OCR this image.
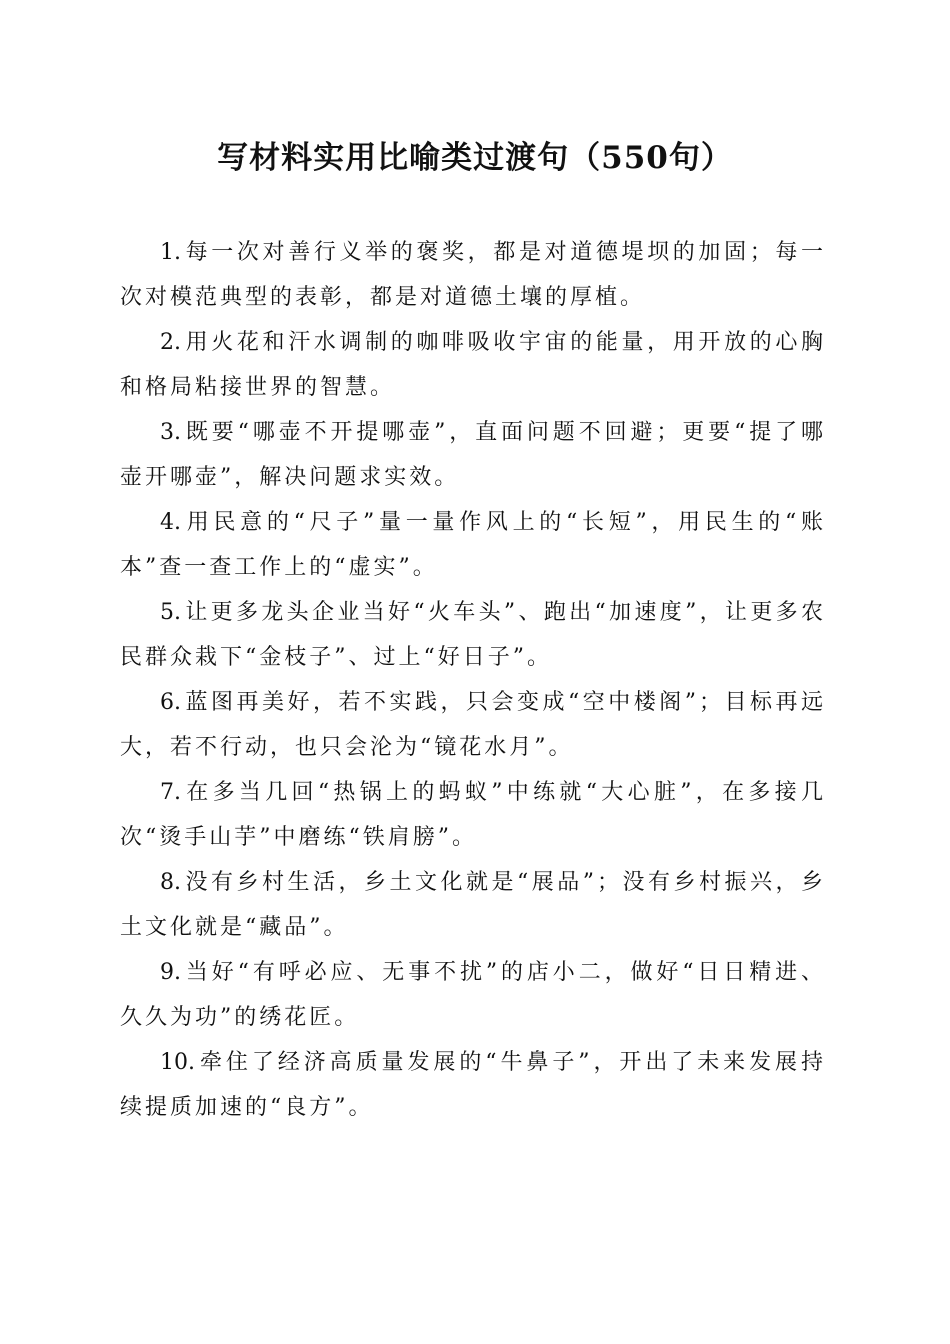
写材料实用比喻类过渡句（550句）

1. 每一次对善行义举的褒奖，都是对道德堤坝的加固；每一次对模范典型的表彰，都是对道德土壤的厚植。

2. 用火花和汗水调制的咖啡吸收宇宙的能量，用开放的心胸和格局粘接世界的智慧。

3. 既要“哪壶不开提哪壶”，直面问题不回避；更要“提了哪壶开哪壶”，解决问题求实效。

4. 用民意的“尺子”量一量作风上的“长短”，用民生的“账本”查一查工作上的“虚实”。

5. 让更多龙头企业当好“火车头”、跑出“加速度”，让更多农民群众栽下“金枝子”、过上“好日子”。

6. 蓝图再美好，若不实践，只会变成“空中楼阁”；目标再远大，若不行动，也只会沦为“镜花水月”。

7. 在多当几回“热锅上的蚂蚁”中练就“大心脏”，在多接几次“烫手山芋”中磨练“铁肩膀”。

8. 没有乡村生活，乡土文化就是“展品”；没有乡村振兴，乡土文化就是“藏品”。

9. 当好“有呼必应、无事不扰”的店小二，做好“日日精进、久久为功”的绣花匠。

10. 牵住了经济高质量发展的“牛鼻子”，开出了未来发展持续提质加速的“良方”。
